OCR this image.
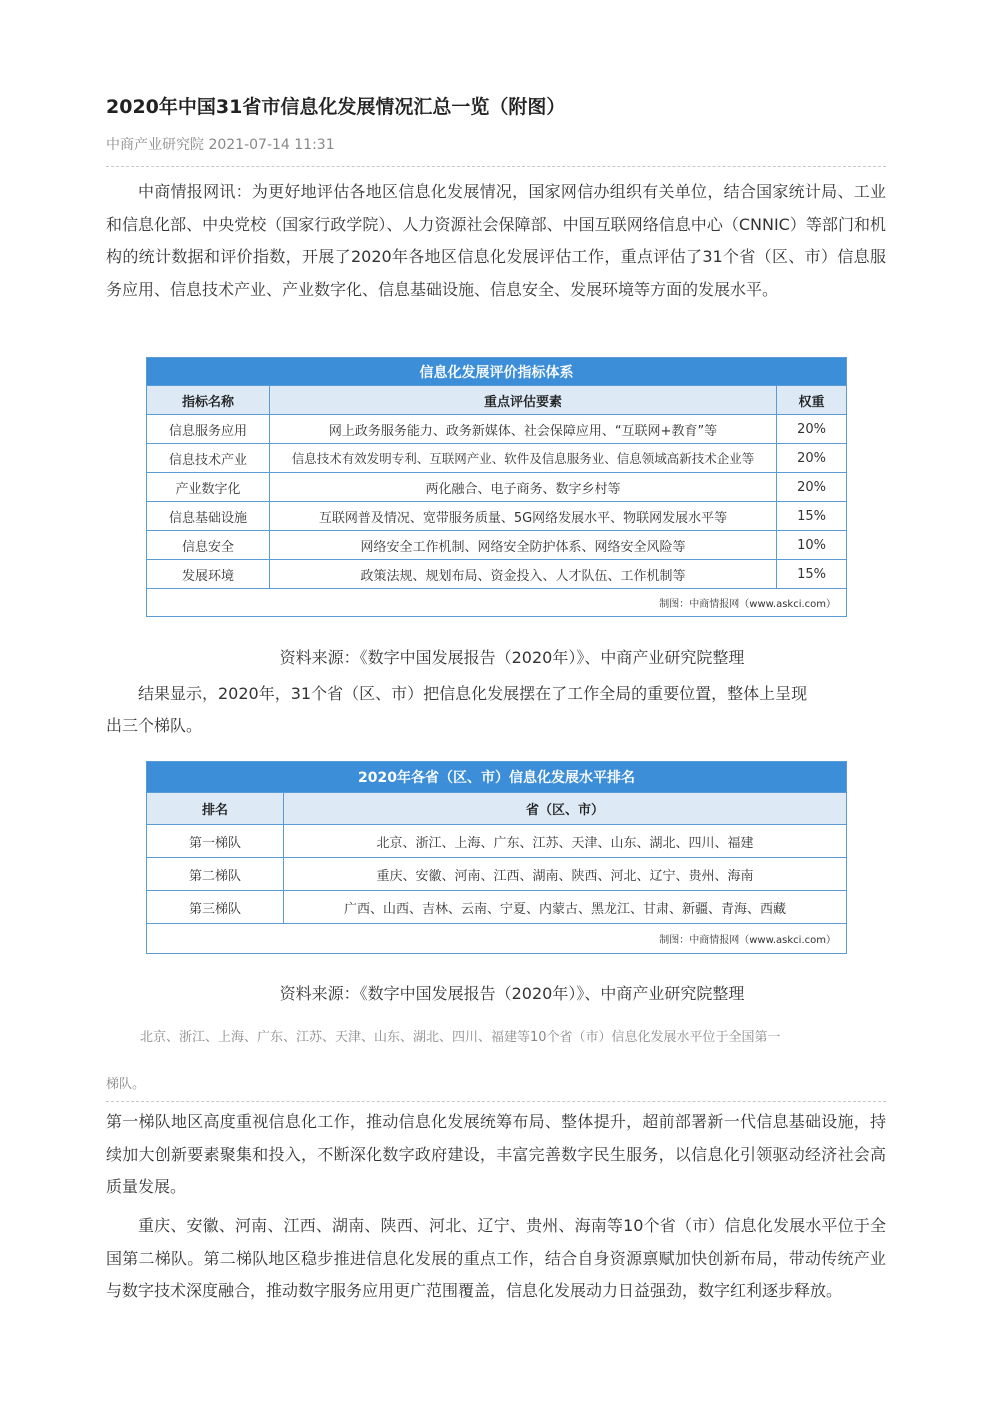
2020年中国31省市信息化发展情况汇总一览（附图）
中商产业研究院 2021-07-14 11:31

中商情报网讯：为更好地评估各地区信息化发展情况，国家网信办组织有关单位，结合国家统计局、工业和信息化部、中央党校（国家行政学院）、人力资源社会保障部、中国互联网络信息中心（CNNIC）等部门和机构的统计数据和评价指数，开展了2020年各地区信息化发展评估工作，重点评估了31个省（区、市）信息服务应用、信息技术产业、产业数字化、信息基础设施、信息安全、发展环境等方面的发展水平。

信息化发展评价指标体系		
指标名称	重点评估要素	权重
信息服务应用	网上政务服务能力、政务新媒体、社会保障应用、“互联网+教育”等	20%
信息技术产业	信息技术有效发明专利、互联网产业、软件及信息服务业、信息领域高新技术企业等	20%
产业数字化	两化融合、电子商务、数字乡村等	20%
信息基础设施	互联网普及情况、宽带服务质量、5G网络发展水平、物联网发展水平等	15%
信息安全	网络安全工作机制、网络安全防护体系、网络安全风险等	10%
发展环境	政策法规、规划布局、资金投入、人才队伍、工作机制等	15%
制图：中商情报网（www.askci.com）		

资料来源：《数字中国发展报告（2020年）》、中商产业研究院整理

结果显示，2020年，31个省（区、市）把信息化发展摆在了工作全局的重要位置，整体上呈现

出三个梯队。

2020年各省（区、市）信息化发展水平排名	
排名	省（区、市）
第一梯队	北京、浙江、上海、广东、江苏、天津、山东、湖北、四川、福建
第二梯队	重庆、安徽、河南、江西、湖南、陕西、河北、辽宁、贵州、海南
第三梯队	广西、山西、吉林、云南、宁夏、内蒙古、黑龙江、甘肃、新疆、青海、西藏
制图：中商情报网（www.askci.com）	

资料来源：《数字中国发展报告（2020年）》、中商产业研究院整理

北京、浙江、上海、广东、江苏、天津、山东、湖北、四川、福建等10个省（市）信息化发展水平位于全国第一

梯队。

第一梯队地区高度重视信息化工作，推动信息化发展统筹布局、整体提升，超前部署新一代信息基础设施，持续加大创新要素聚集和投入，不断深化数字政府建设，丰富完善数字民生服务，以信息化引领驱动经济社会高质量发展。

重庆、安徽、河南、江西、湖南、陕西、河北、辽宁、贵州、海南等10个省（市）信息化发展水平位于全国第二梯队。第二梯队地区稳步推进信息化发展的重点工作，结合自身资源禀赋加快创新布局，带动传统产业与数字技术深度融合，推动数字服务应用更广范围覆盖，信息化发展动力日益强劲，数字红利逐步释放。
